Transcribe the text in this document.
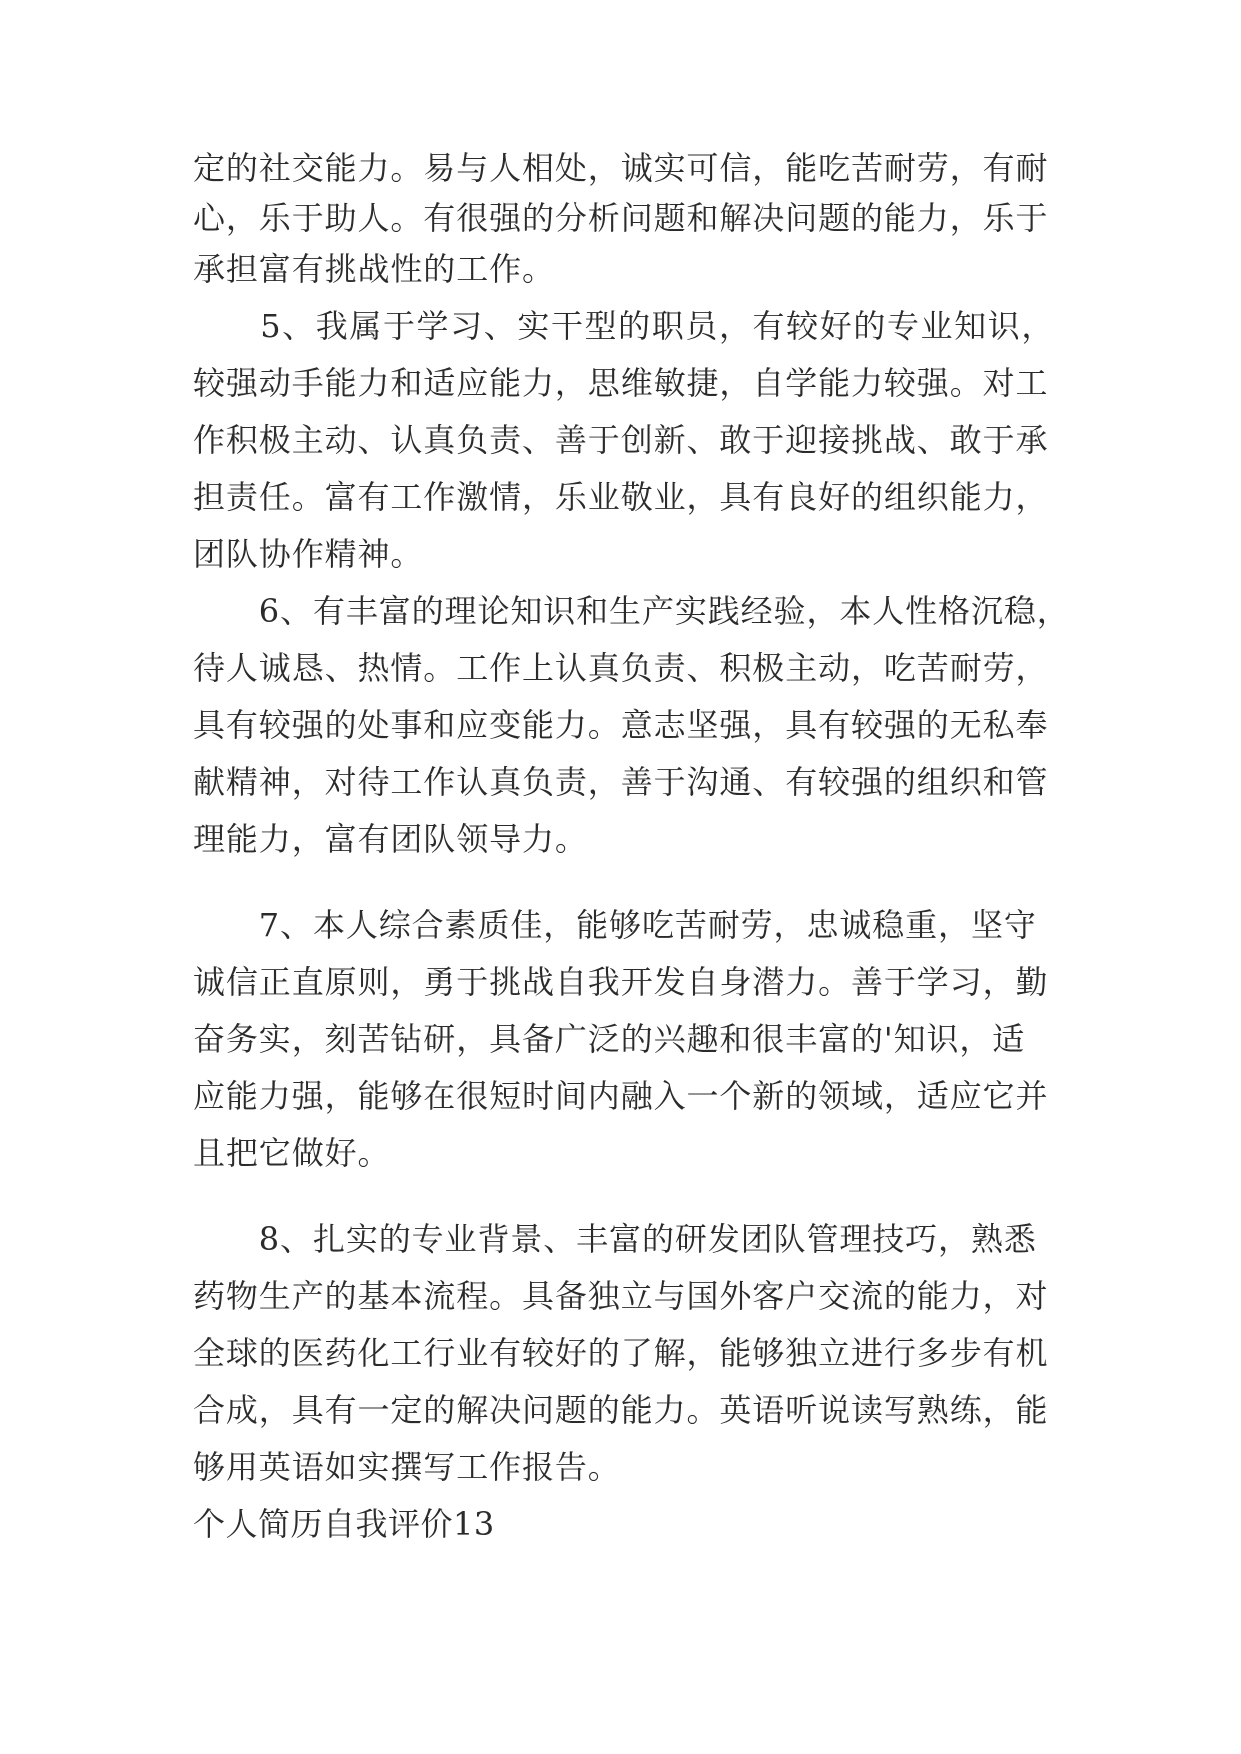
定的社交能力。易与人相处，诚实可信，能吃苦耐劳，有耐
心，乐于助人。有很强的分析问题和解决问题的能力，乐于
承担富有挑战性的工作。
　　5、我属于学习、实干型的职员，有较好的专业知识，
较强动手能力和适应能力，思维敏捷，自学能力较强。对工
作积极主动、认真负责、善于创新、敢于迎接挑战、敢于承
担责任。富有工作激情，乐业敬业，具有良好的组织能力，
团队协作精神。
　　6、有丰富的理论知识和生产实践经验，本人性格沉稳，
待人诚恳、热情。工作上认真负责、积极主动，吃苦耐劳，
具有较强的处事和应变能力。意志坚强，具有较强的无私奉
献精神，对待工作认真负责，善于沟通、有较强的组织和管
理能力，富有团队领导力。
　　7、本人综合素质佳，能够吃苦耐劳，忠诚稳重，坚守
诚信正直原则，勇于挑战自我开发自身潜力。善于学习，勤
奋务实，刻苦钻研，具备广泛的兴趣和很丰富的'知识，适
应能力强，能够在很短时间内融入一个新的领域，适应它并
且把它做好。
　　8、扎实的专业背景、丰富的研发团队管理技巧，熟悉
药物生产的基本流程。具备独立与国外客户交流的能力，对
全球的医药化工行业有较好的了解，能够独立进行多步有机
合成，具有一定的解决问题的能力。英语听说读写熟练，能
够用英语如实撰写工作报告。
个人简历自我评价13
